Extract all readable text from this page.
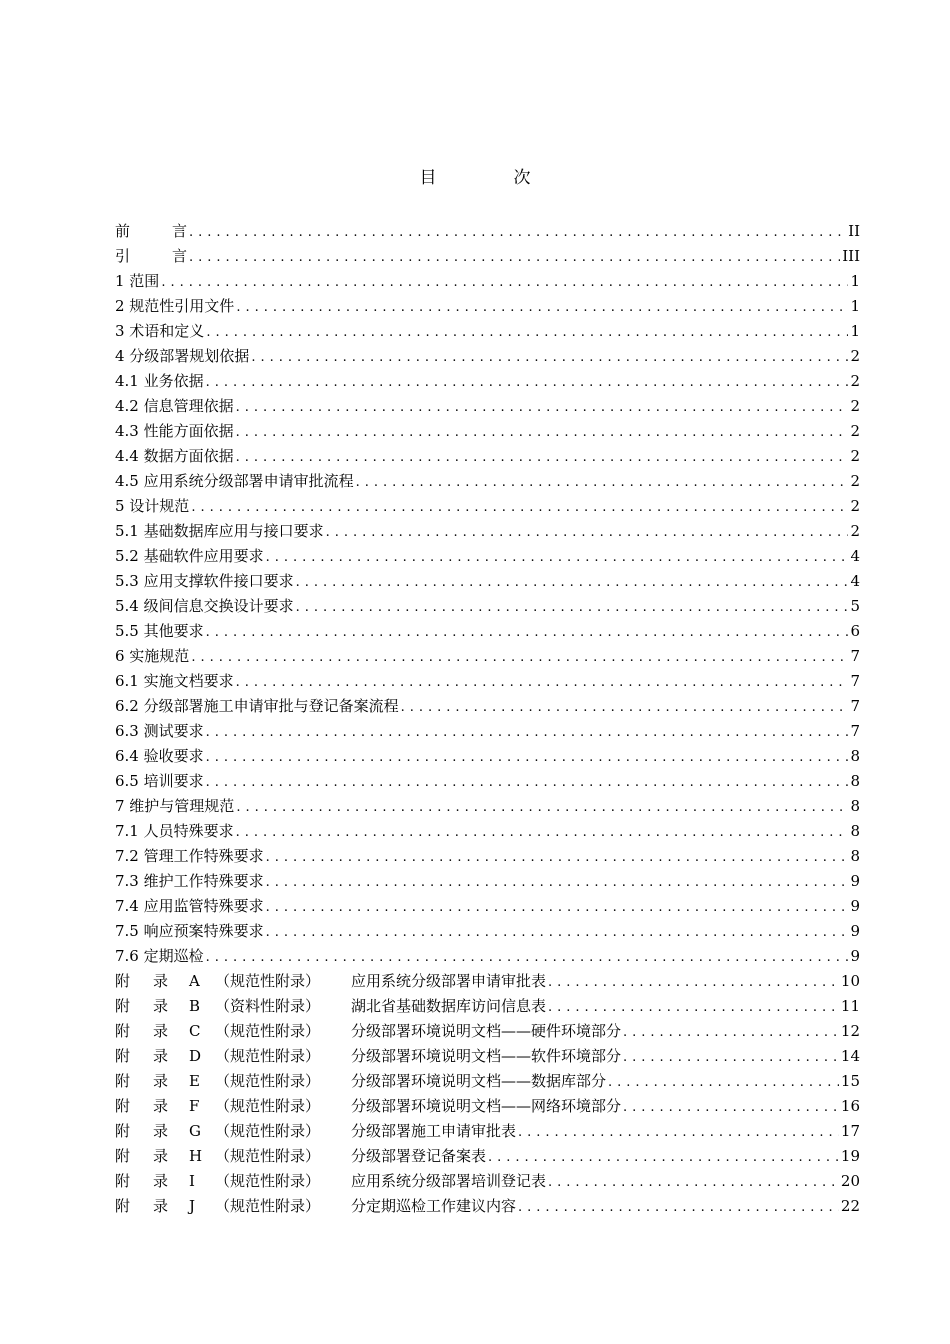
目　次
前	言 .....	II
引	言 .....	III
1 范围 .....	1
2 规范性引用文件 .....	1
3 术语和定义 .....	1
4 分级部署规划依据 .....	2
4.1 业务依据 .....	2
4.2 信息管理依据 .....	2
4.3 性能方面依据 .....	2
4.4 数据方面依据 .....	2
4.5 应用系统分级部署申请审批流程 .....	2
5 设计规范 .....	2
5.1 基础数据库应用与接口要求 .....	2
5.2 基础软件应用要求 .....	4
5.3 应用支撑软件接口要求 .....	4
5.4 级间信息交换设计要求 .....	5
5.5 其他要求 .....	6
6 实施规范 .....	7
6.1 实施文档要求 .....	7
6.2 分级部署施工申请审批与登记备案流程 .....	7
6.3 测试要求 .....	7
6.4 验收要求 .....	8
6.5 培训要求 .....	8
7 维护与管理规范 .....	8
7.1 人员特殊要求 .....	8
7.2 管理工作特殊要求 .....	8
7.3 维护工作特殊要求 .....	9
7.4 应用监管特殊要求 .....	9
7.5 响应预案特殊要求 .....	9
7.6 定期巡检 .....	9
附 录 A （规范性附录） 应用系统分级部署申请审批表 .....	10
附 录 B （资料性附录） 湖北省基础数据库访问信息表 .....	11
附 录 C （规范性附录） 分级部署环境说明文档——硬件环境部分 .....	12
附 录 D （规范性附录） 分级部署环境说明文档——软件环境部分 .....	14
附 录 E （规范性附录） 分级部署环境说明文档——数据库部分 .....	15
附 录 F （规范性附录） 分级部署环境说明文档——网络环境部分 .....	16
附 录 G （规范性附录） 分级部署施工申请审批表 .....	17
附 录 H （规范性附录） 分级部署登记备案表 .....	19
附 录 I （规范性附录） 应用系统分级部署培训登记表 .....	20
附 录 J （规范性附录） 分定期巡检工作建议内容 .....	22
